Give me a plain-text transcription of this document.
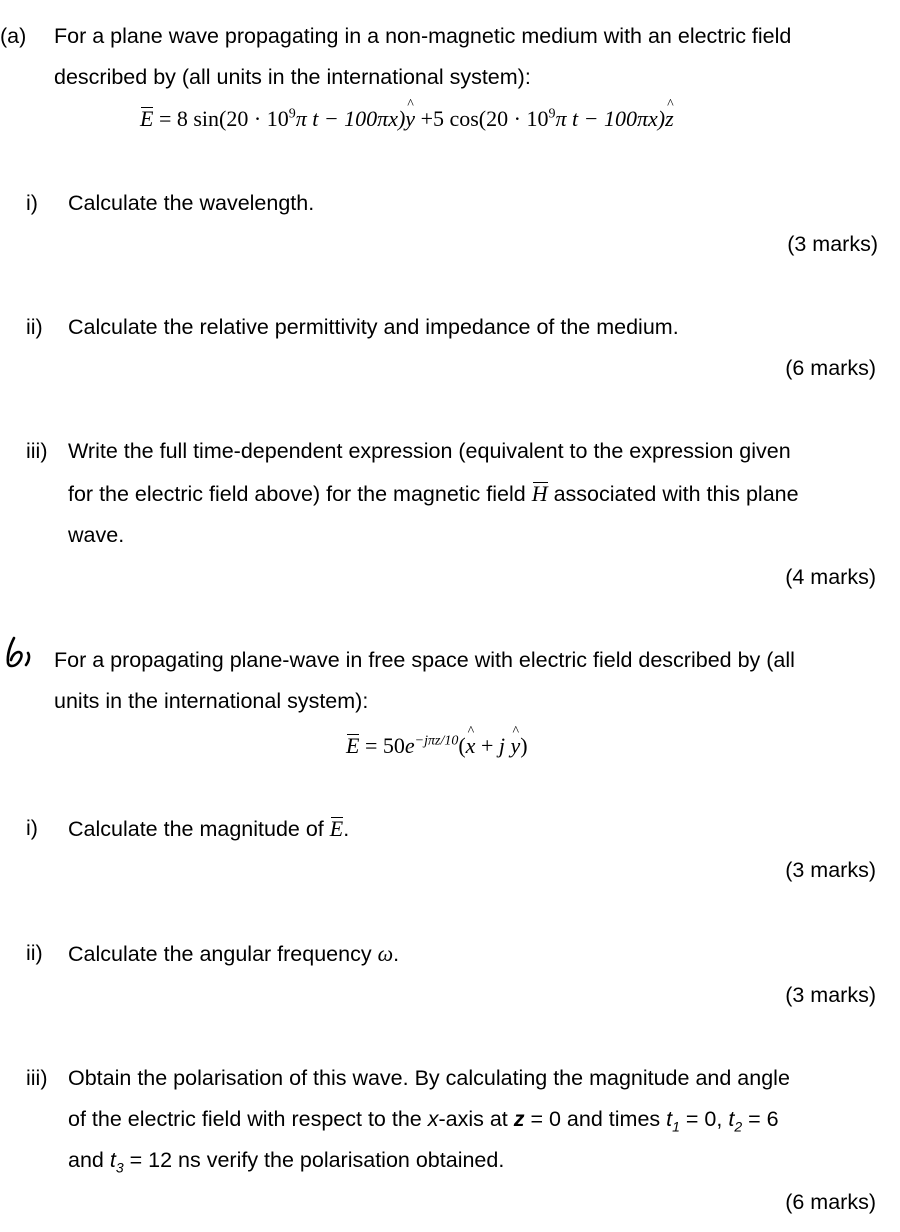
(a) For a plane wave propagating in a non-magnetic medium with an electric field
described by (all units in the international system):
E = 8 $\sin(20 \cdot 10^9\pi$ t − 100πx)^ y +5 $\cos(20 \cdot 10^9\pi$ t − 100πx)^ z
i) Calculate the wavelength.
(3 marks)
ii) Calculate the relative permittivity and impedance of the medium.
(6 marks)
iii) Write the full time-dependent expression (equivalent to the expression given
for the electric field above) for the magnetic field H associated with this plane
wave.
(4 marks)
For a propagating plane-wave in free space with electric field described by (all
units in the international system):
$E = 50e^{-j\pi z/10}(\^{}$ x + j ^ y)
i) Calculate the magnitude of E.
(3 marks)
ii) Calculate the angular frequency ω.
(3 marks)
iii) Obtain the polarisation of this wave. By calculating the magnitude and angle
of the electric field with respect to the x-axis at z = 0 and times $t_1 = 0$, $t_2 = 6$
and $t_3 = 12$ ns verify the polarisation obtained.
(6 marks)
